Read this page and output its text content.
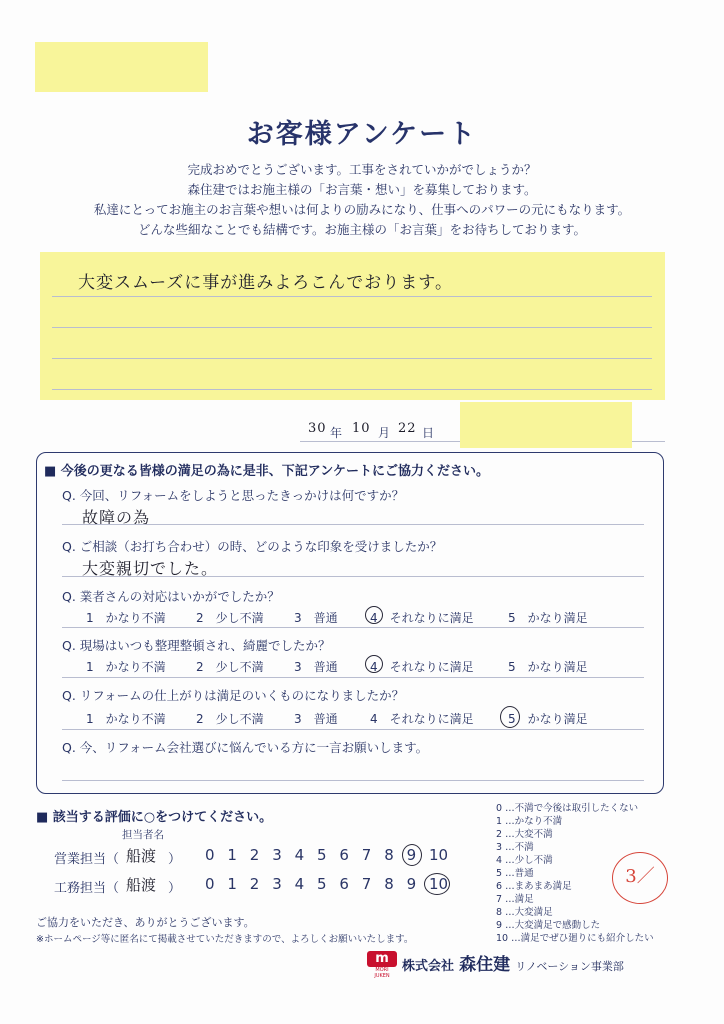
お客様アンケート
完成おめでとうございます。工事をされていかがでしょうか？
森住建ではお施主様の「お言葉・想い」を募集しております。
私達にとってお施主のお言葉や想いは何よりの励みになり、仕事へのパワーの元にもなります。
どんな些細なことでも結構です。お施主様の「お言葉」をお待ちしております。
大変スムーズに事が進みよろこんでおります。
30 年 10 月 22 日
■ 今後の更なる皆様の満足の為に是非、下記アンケートにご協力ください。
Q. 今回、リフォームをしようと思ったきっかけは何ですか？
故障の為
Q. ご相談（お打ち合わせ）の時、どのような印象を受けましたか？
大変親切でした。
Q. 業者さんの対応はいかがでしたか？
1　かなり不満	2　少し不満	3　普通	4　それなりに満足	5　かなり満足
Q. 現場はいつも整理整頓され、綺麗でしたか？
1　かなり不満	2　少し不満	3　普通	4　それなりに満足	5　かなり満足
Q. リフォームの仕上がりは満足のいくものになりましたか？
1　かなり不満	2　少し不満	3　普通	4　それなりに満足	5　かなり満足
Q. 今、リフォーム会社選びに悩んでいる方に一言お願いします。
■ 該当する評価に○をつけてください。
担当者名
営業担当（ 船渡 ） 0 1 2 3 4 5 6 7 8 9 10
工務担当（ 船渡 ） 0 1 2 3 4 5 6 7 8 9 10
0 …不満で今後は取引したくない
1 …かなり不満
2 …大変不満
3 …不満
4 …少し不満
5 …普通
6 …まあまあ満足
7 …満足
8 …大変満足
9 …大変満足で感動した
10 …満足でぜひ廻りにも紹介したい
3／
ご協力をいただき、ありがとうございます。
※ホームページ等に匿名にて掲載させていただきますので、よろしくお願いいたします。
m
MORI JUKEN
株式会社 森住建 リノベーション事業部
